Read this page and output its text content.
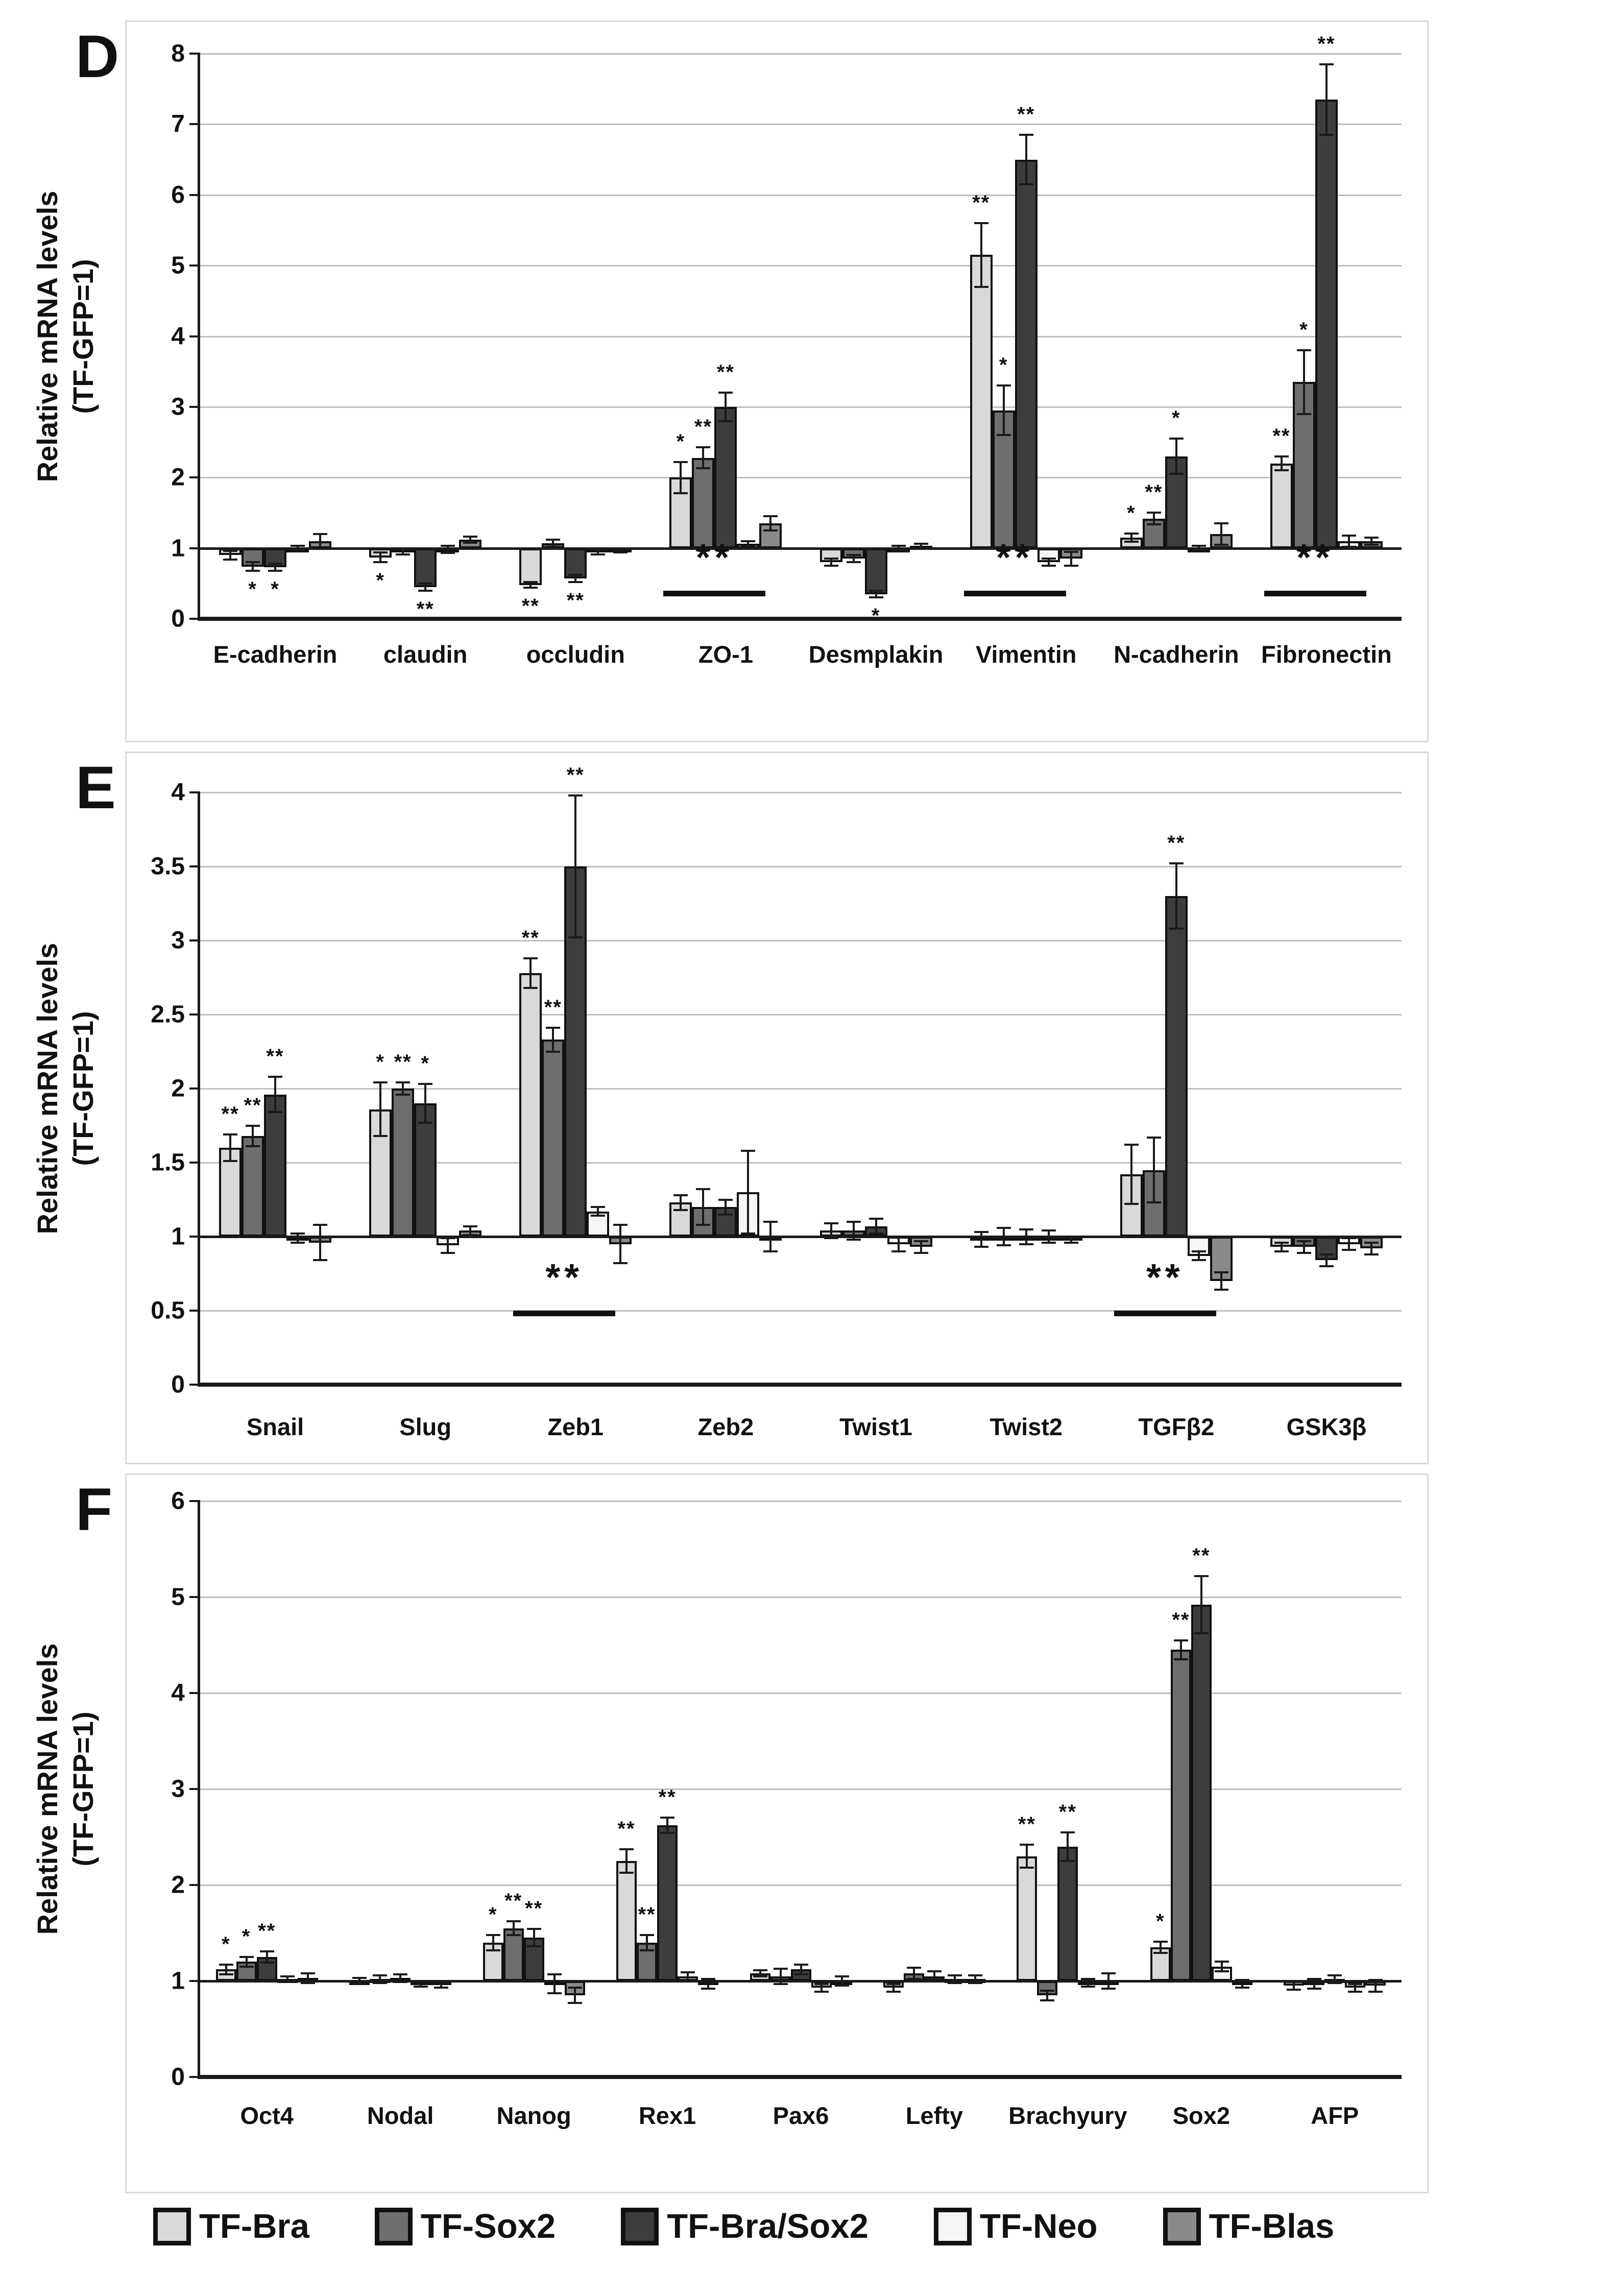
D
Relative mRNA levels (TF-GFP=1)
8
7
6
5
4
3
2
1
0
E-cadherin	claudin	occludin	ZO-1	Desmplakin	Vimentin	N-cadherin Fibronectin
*
**
*
**
*
**
*
**
*
**
*
*
**	**
**
*
**
*
**
**	**	**
E
Relative mRNA levels (TF-GFP=1)
4
3.5
3
2.5
2
1.5
1
0.5
0
Snail	Slug	Zeb1	Zeb2	Twist1	Twist2	TGFβ2	GSK3β
**
*
**
**
**
**
**	*
**
**
**	**
F
Relative mRNA levels (TF-GFP=1)
6
5
4
3
2
1
0
Oct4	Nodal	Nanog	Rex1	Pax6	Lefty	Brachyury	Sox2	AFP
*
*
**	**
*
*
**
**
**
**
**
**
**
**
TF-Bra	TF-Sox2	TF-Bra/Sox2	TF-Neo	TF-Blas
